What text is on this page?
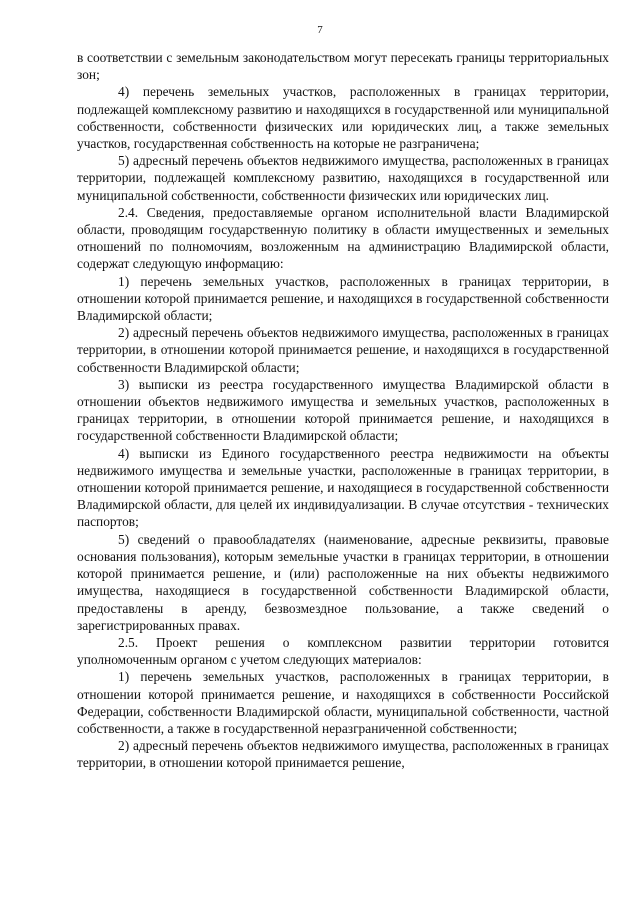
7

в соответствии с земельным законодательством могут пересекать границы территориальных зон;

4) перечень земельных участков, расположенных в границах территории, подлежащей комплексному развитию и находящихся в государственной или муниципальной собственности, собственности физических или юридических лиц, а также земельных участков, государственная собственность на которые не разграничена;

5) адресный перечень объектов недвижимого имущества, расположенных в границах территории, подлежащей комплексному развитию, находящихся в государственной или муниципальной собственности, собственности физических или юридических лиц.

2.4. Сведения, предоставляемые органом исполнительной власти Владимирской области, проводящим государственную политику в области имущественных и земельных отношений по полномочиям, возложенным на администрацию Владимирской области, содержат следующую информацию:

1) перечень земельных участков, расположенных в границах территории, в отношении которой принимается решение, и находящихся в государственной собственности Владимирской области;

2) адресный перечень объектов недвижимого имущества, расположенных в границах территории, в отношении которой принимается решение, и находящихся в государственной собственности Владимирской области;

3) выписки из реестра государственного имущества Владимирской области в отношении объектов недвижимого имущества и земельных участков, расположенных в границах территории, в отношении которой принимается решение, и находящихся в государственной собственности Владимирской области;

4) выписки из Единого государственного реестра недвижимости на объекты недвижимого имущества и земельные участки, расположенные в границах территории, в отношении которой принимается решение, и находящиеся в государственной собственности Владимирской области, для целей их индивидуализации. В случае отсутствия - технических паспортов;

5) сведений о правообладателях (наименование, адресные реквизиты, правовые основания пользования), которым земельные участки в границах территории, в отношении которой принимается решение, и (или) расположенные на них объекты недвижимого имущества, находящиеся в государственной собственности Владимирской области, предоставлены в аренду, безвозмездное пользование, а также сведений о зарегистрированных правах.

2.5. Проект решения о комплексном развитии территории готовится уполномоченным органом с учетом следующих материалов:

1) перечень земельных участков, расположенных в границах территории, в отношении которой принимается решение, и находящихся в собственности Российской Федерации, собственности Владимирской области, муниципальной собственности, частной собственности, а также в государственной неразграниченной собственности;

2) адресный перечень объектов недвижимого имущества, расположенных в границах территории, в отношении которой принимается решение,
